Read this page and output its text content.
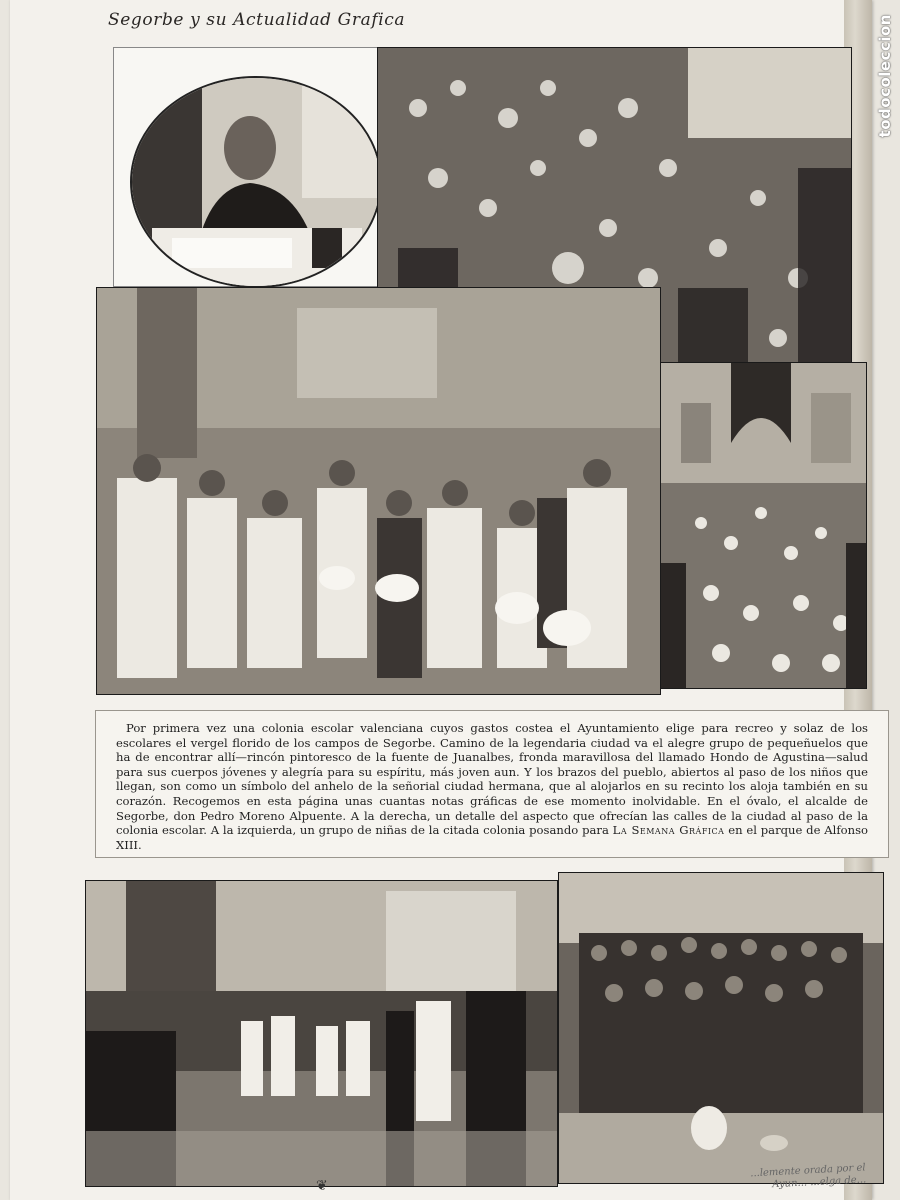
Segorbe y su Actualidad Grafica

Por primera vez una colonia escolar valenciana cuyos gastos costea el Ayuntamiento elige para recreo y solaz de los escolares el vergel florido de los campos de Segorbe. Camino de la legendaria ciudad va el alegre grupo de pequeñuelos que ha de encontrar allí—rincón pintoresco de la fuente de Juanalbes, fronda maravillosa del llamado Hondo de Agustina—salud para sus cuerpos jóvenes y alegría para su espíritu, más joven aun. Y los brazos del pueblo, abiertos al paso de los niños que llegan, son como un símbolo del anhelo de la señorial ciudad hermana, que al alojarlos en su recinto los aloja también en su corazón. Recogemos en esta página unas cuantas notas gráficas de ese momento inolvidable. En el óvalo, el alcalde de Segorbe, don Pedro Moreno Alpuente. A la derecha, un detalle del aspecto que ofrecían las calles de la ciudad al paso de la colonia escolar. A la izquierda, un grupo de niñas de la citada colonia posando para La Semana Gráfica en el parque de Alfonso XIII.

❦
...lemente orada por el Ayun... ...elga de...
todocoleccion
